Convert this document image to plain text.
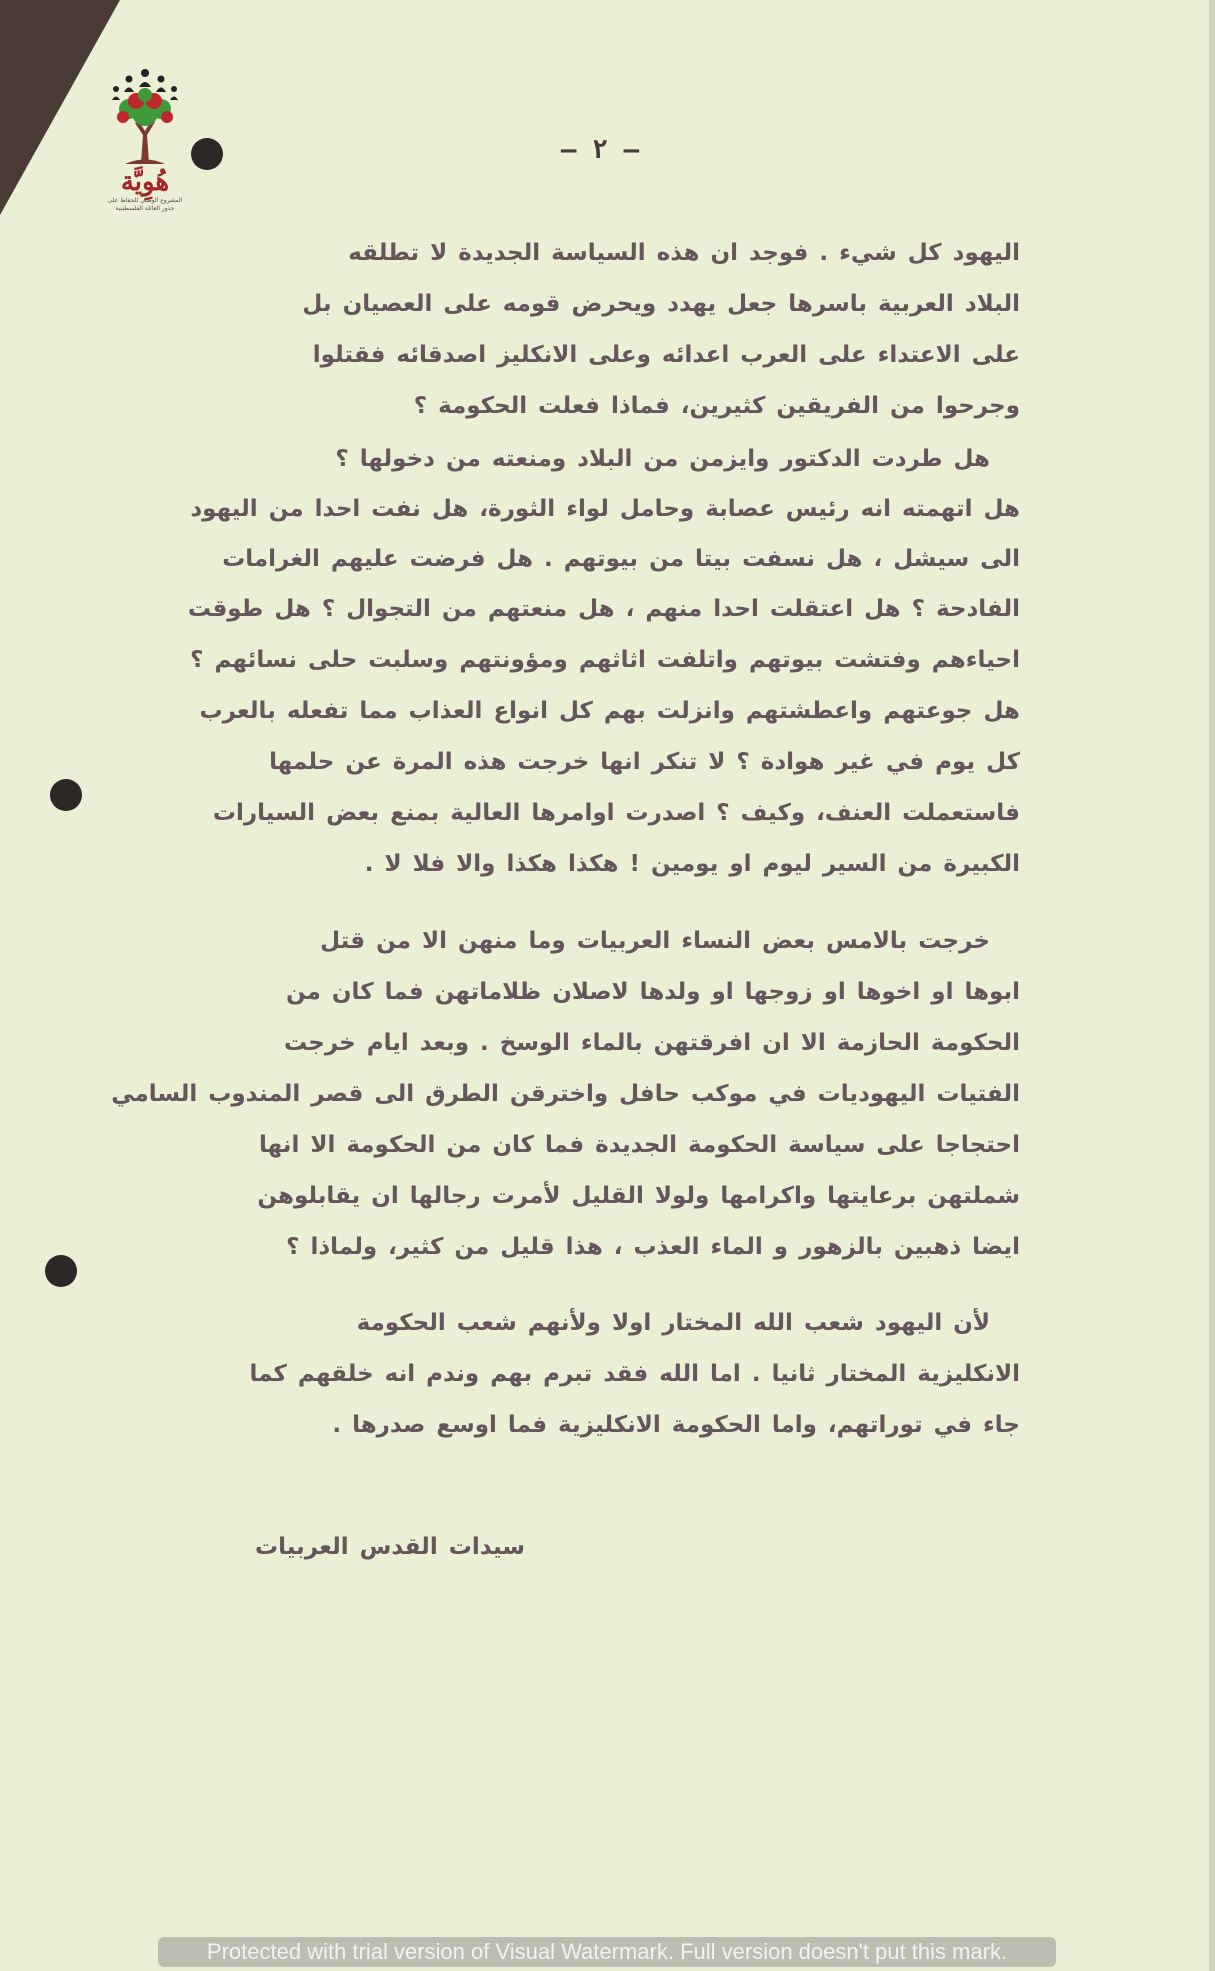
هُوِيَّة
المشروع الوطني للحفاظ على
جذور العائلة الفلسطينية
— ٢ —
اليهود كل شيء . فوجد ان هذه السياسة الجديدة لا تطلقه
البلاد العربية باسرها جعل يهدد ويحرض قومه على العصيان بل
على الاعتداء على العرب اعدائه وعلى الانكليز اصدقائه فقتلوا
وجرحوا من الفريقين كثيرين، فماذا فعلت الحكومة ؟
هل طردت الدكتور وايزمن من البلاد ومنعته من دخولها ؟
هل اتهمته انه رئيس عصابة وحامل لواء الثورة، هل نفت احدا من اليهود
الى سيشل ، هل نسفت بيتا من بيوتهم . هل فرضت عليهم الغرامات
الفادحة ؟ هل اعتقلت احدا منهم ، هل منعتهم من التجوال ؟ هل طوقت
احياءهم وفتشت بيوتهم واتلفت اثاثهم ومؤونتهم وسلبت حلى نسائهم ؟
هل جوعتهم واعطشتهم وانزلت بهم كل انواع العذاب مما تفعله بالعرب
كل يوم في غير هوادة ؟ لا تنكر انها خرجت هذه المرة عن حلمها
فاستعملت العنف، وكيف ؟ اصدرت اوامرها العالية بمنع بعض السيارات
الكبيرة من السير ليوم او يومين ! هكذا هكذا والا فلا لا .
خرجت بالامس بعض النساء العربيات وما منهن الا من قتل
ابوها او اخوها او زوجها او ولدها لاصلان ظلاماتهن فما كان من
الحكومة الحازمة الا ان افرقتهن بالماء الوسخ . وبعد ايام خرجت
الفتيات اليهوديات في موكب حافل واخترقن الطرق الى قصر المندوب السامي
احتجاجا على سياسة الحكومة الجديدة فما كان من الحكومة الا انها
شملتهن برعايتها واكرامها ولولا القليل لأمرت رجالها ان يقابلوهن
ايضا ذهبين بالزهور و الماء العذب ، هذا قليل من كثير، ولماذا ؟
لأن اليهود شعب الله المختار اولا ولأنهم شعب الحكومة
الانكليزية المختار ثانيا . اما الله فقد تبرم بهم وندم انه خلقهم كما
جاء في توراتهم، واما الحكومة الانكليزية فما اوسع صدرها .
سيدات القدس العربيات
Protected with trial version of Visual Watermark. Full version doesn't put this mark.
